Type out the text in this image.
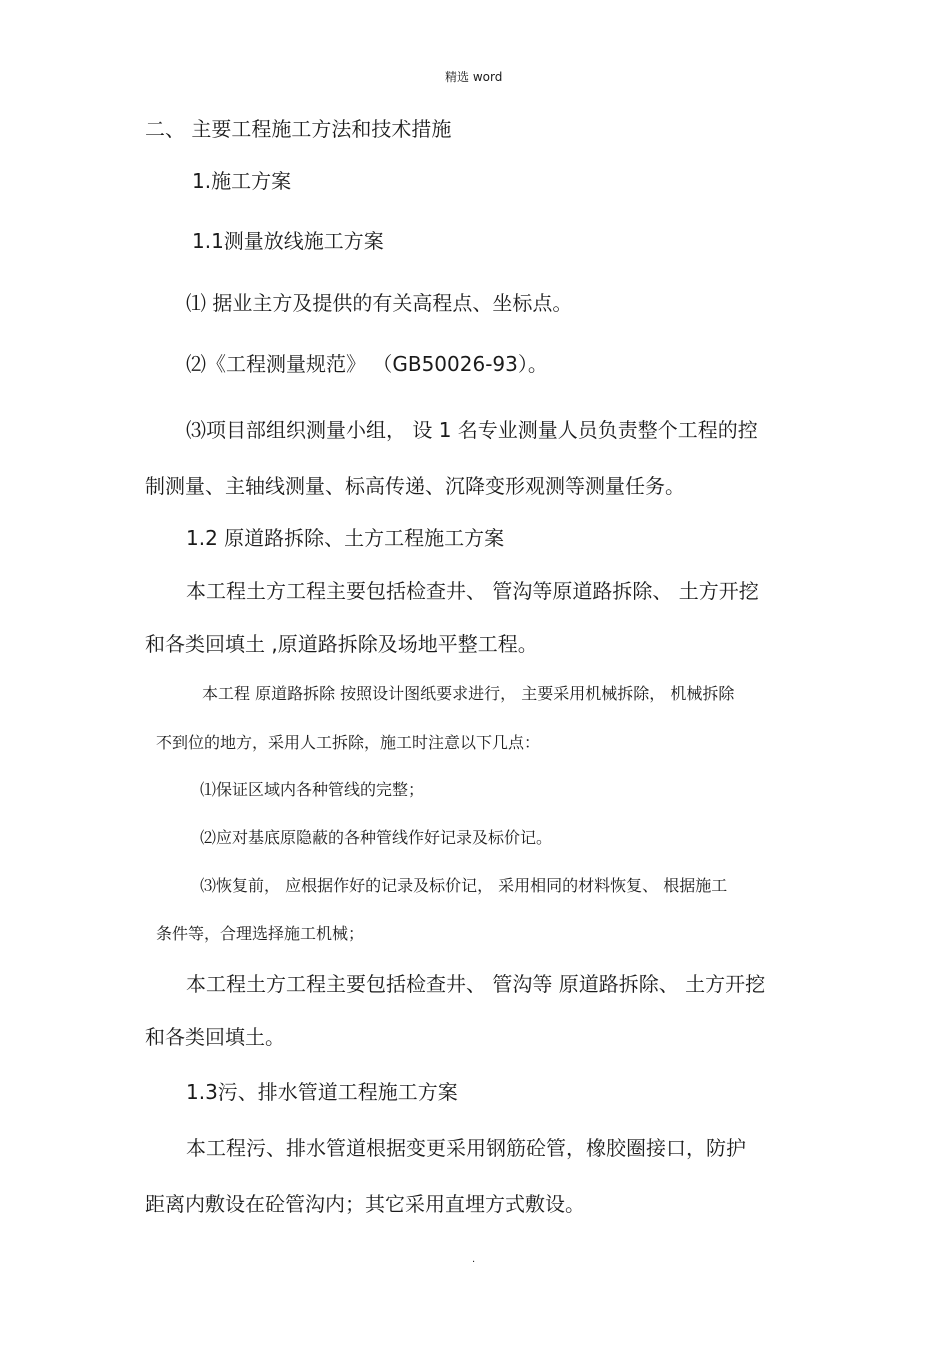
精选 word

二、 主要工程施工方法和技术措施

1.施工方案

1.1测量放线施工方案

⑴ 据业主方及提供的有关高程点、坐标点。

⑵《工程测量规范》 （GB50026-93）。

⑶项目部组织测量小组， 设 1 名专业测量人员负责整个工程的控

制测量、主轴线测量、标高传递、沉降变形观测等测量任务。

1.2 原道路拆除、土方工程施工方案

本工程土方工程主要包括检查井、 管沟等原道路拆除、 土方开挖

和各类回填土 ,原道路拆除及场地平整工程。

本工程 原道路拆除 按照设计图纸要求进行， 主要采用机械拆除， 机械拆除

不到位的地方，采用人工拆除，施工时注意以下几点：

⑴保证区域内各种管线的完整；

⑵应对基底原隐蔽的各种管线作好记录及标价记。

⑶恢复前， 应根据作好的记录及标价记， 采用相同的材料恢复、 根据施工

条件等，合理选择施工机械；

本工程土方工程主要包括检查井、 管沟等 原道路拆除、 土方开挖

和各类回填土。

1.3污、排水管道工程施工方案

本工程污、排水管道根据变更采用钢筋砼管，橡胶圈接口，防护

距离内敷设在砼管沟内；其它采用直埋方式敷设。

.
